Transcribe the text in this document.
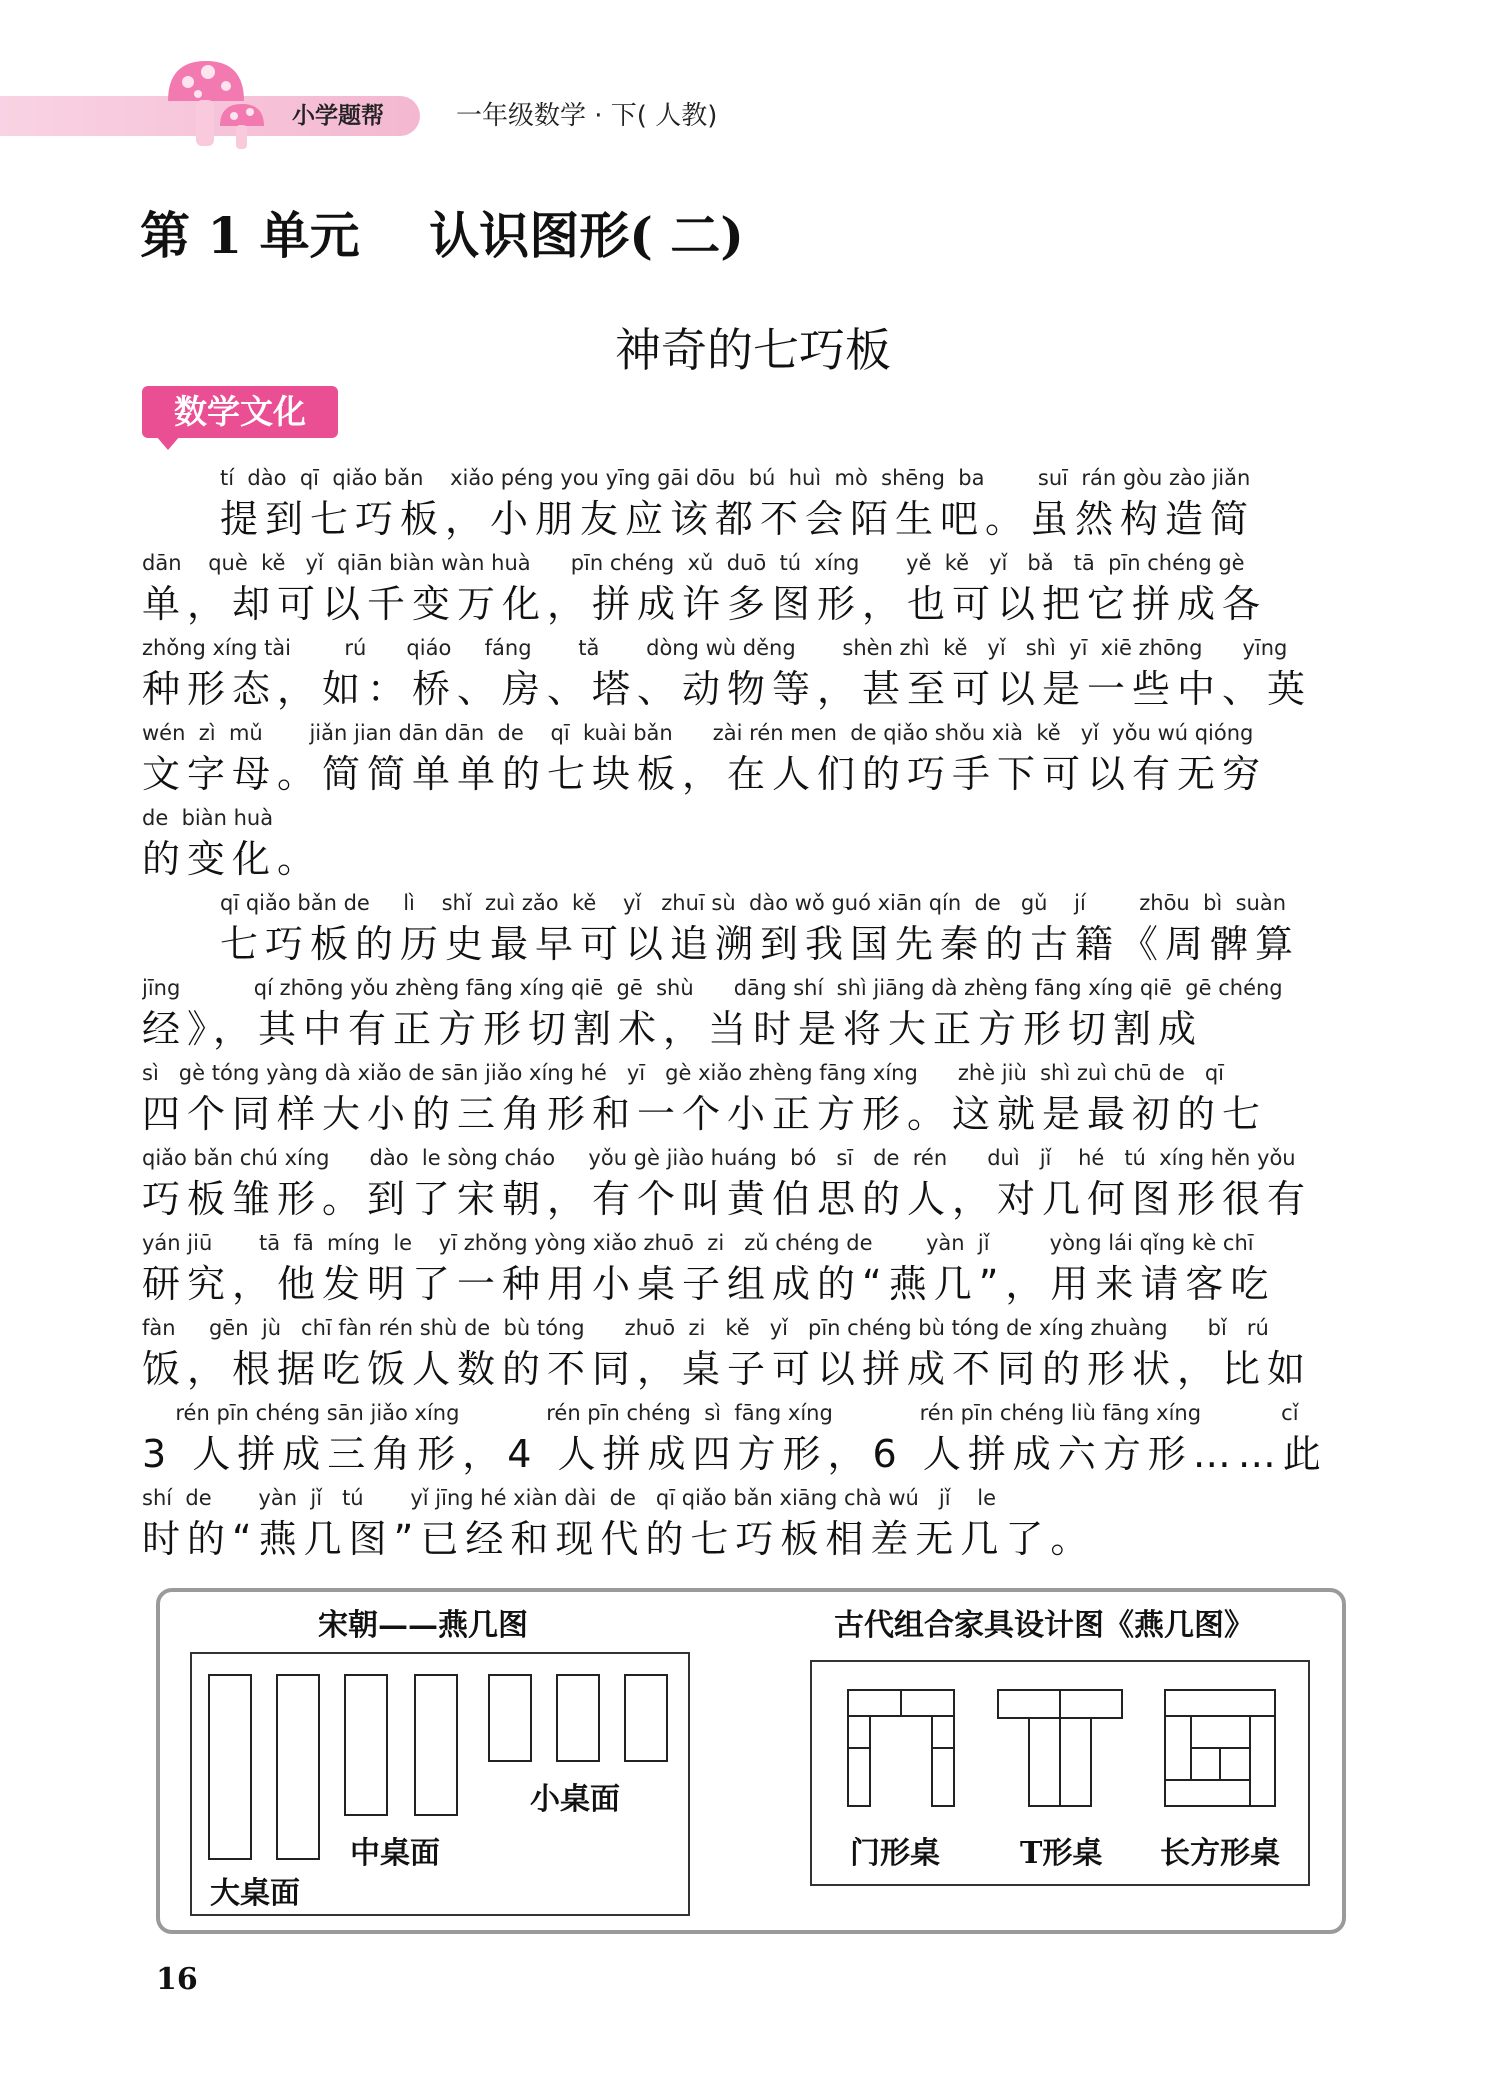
小学题帮	一年级数学 · 下( 人教)
第 1 单元    认识图形( 二)
神奇的七巧板
数学文化
tí  dào  qī  qiǎo bǎn    xiǎo péng you yīng gāi dōu  bú  huì  mò  shēng  ba        suī  rán gòu zào jiǎn
提到七巧板，小朋友应该都不会陌生吧。虽然构造简
dān    què  kě   yǐ  qiān biàn wàn huà      pīn chéng  xǔ  duō  tú  xíng       yě  kě   yǐ   bǎ   tā  pīn chéng gè
单，却可以千变万化，拼成许多图形，也可以把它拼成各
zhǒng xíng tài        rú      qiáo     fáng       tǎ       dòng wù děng       shèn zhì  kě   yǐ   shì  yī  xiē zhōng      yīng
种形态，如：桥、房、塔、动物等，甚至可以是一些中、英
wén  zì  mǔ       jiǎn jian dān dān  de    qī  kuài bǎn      zài rén men  de qiǎo shǒu xià  kě   yǐ  yǒu wú qióng
文字母。简简单单的七块板，在人们的巧手下可以有无穷
de  biàn huà
的变化。
qī qiǎo bǎn de     lì    shǐ  zuì zǎo  kě    yǐ   zhuī sù  dào wǒ guó xiān qín  de   gǔ    jí        zhōu  bì  suàn
七巧板的历史最早可以追溯到我国先秦的古籍《周髀算
jīng           qí zhōng yǒu zhèng fāng xíng qiē  gē  shù      dāng shí  shì jiāng dà zhèng fāng xíng qiē  gē chéng
经》，其中有正方形切割术，当时是将大正方形切割成
sì   gè tóng yàng dà xiǎo de sān jiǎo xíng hé   yī   gè xiǎo zhèng fāng xíng      zhè jiù  shì zuì chū de   qī
四个同样大小的三角形和一个小正方形。这就是最初的七
qiǎo bǎn chú xíng      dào  le sòng cháo     yǒu gè jiào huáng  bó   sī   de  rén      duì   jǐ    hé   tú  xíng hěn yǒu
巧板雏形。到了宋朝，有个叫黄伯思的人，对几何图形很有
yán jiū       tā  fā  míng  le    yī zhǒng yòng xiǎo zhuō  zi   zǔ chéng de        yàn  jǐ         yòng lái qǐng kè chī
研究，他发明了一种用小桌子组成的“燕几”，用来请客吃
fàn     gēn  jù   chī fàn rén shù de  bù tóng      zhuō  zi   kě   yǐ   pīn chéng bù tóng de xíng zhuàng      bǐ   rú
饭，根据吃饭人数的不同，桌子可以拼成不同的形状，比如
rén pīn chéng sān jiǎo xíng             rén pīn chéng  sì  fāng xíng             rén pīn chéng liù fāng xíng            cǐ
3 人拼成三角形，4 人拼成四方形，6 人拼成六方形……此
shí  de       yàn  jǐ   tú       yǐ jīng hé xiàn dài  de   qī qiǎo bǎn xiāng chà wú   jǐ    le
时的“燕几图”已经和现代的七巧板相差无几了。
宋朝——燕几图	古代组合家具设计图《燕几图》
大桌面
中桌面
小桌面
门形桌	T形桌 长方形桌
16
